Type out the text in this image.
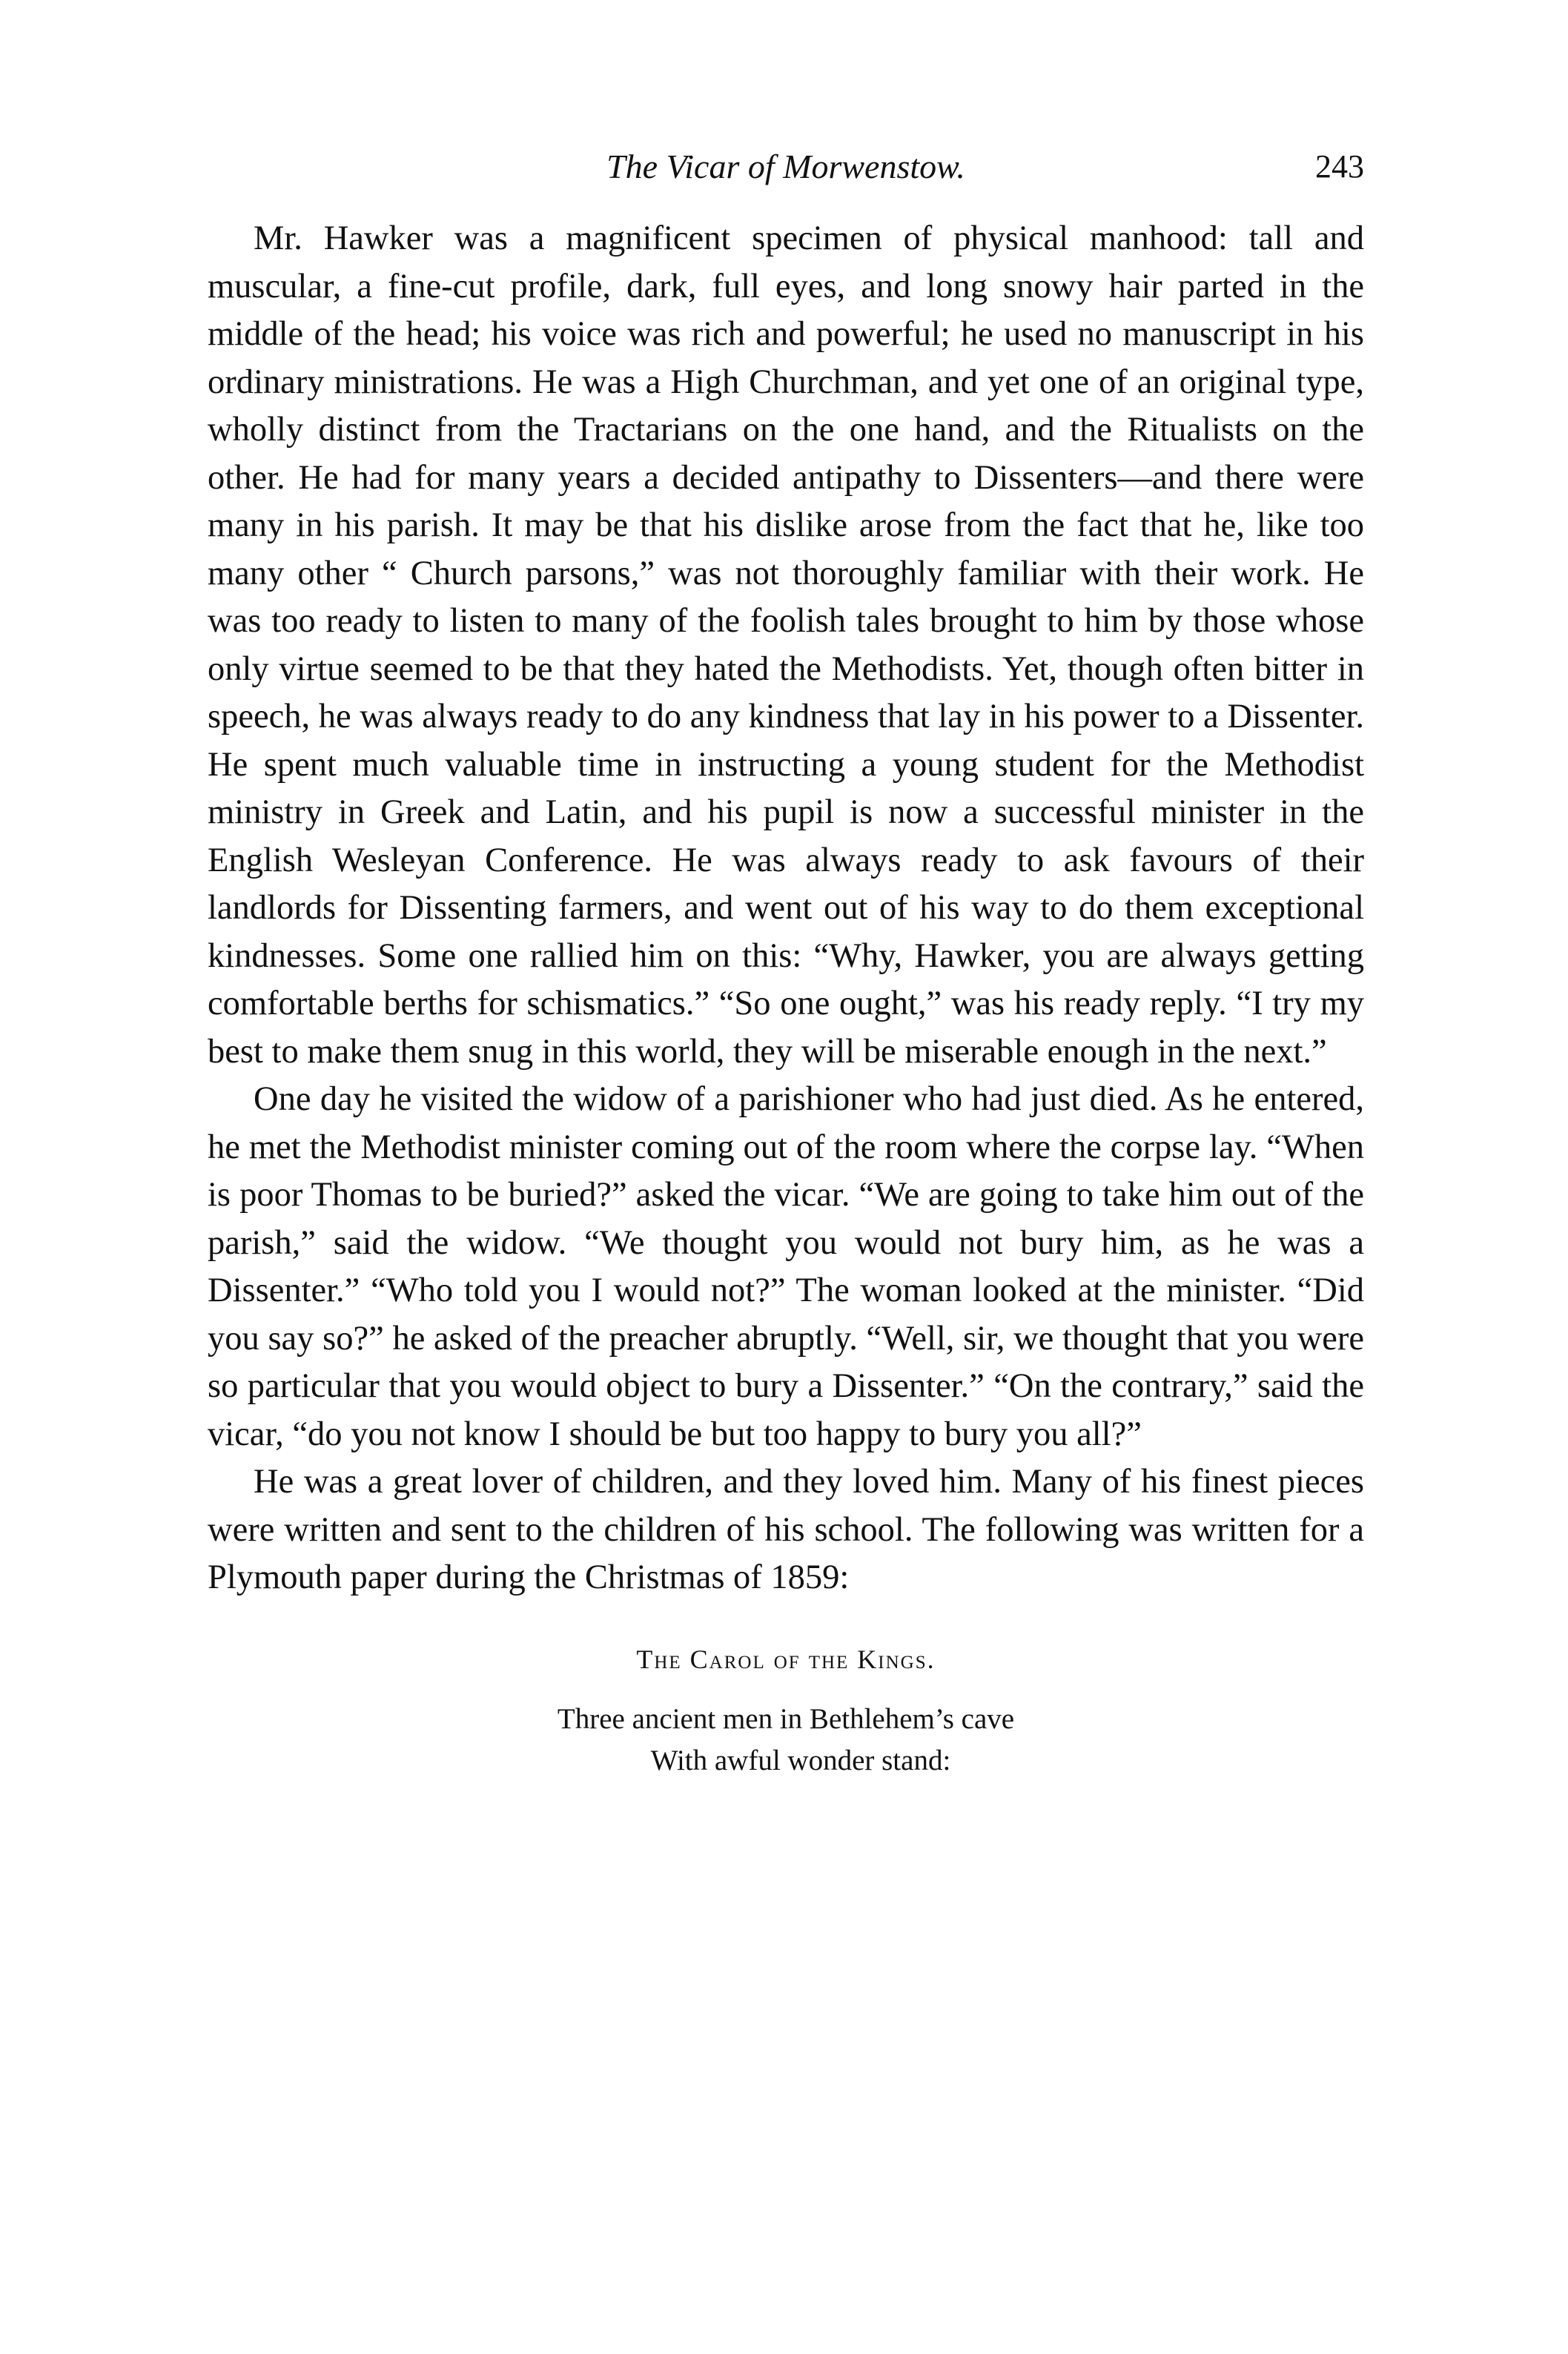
The Vicar of Morwenstow.	243

Mr. Hawker was a magnificent specimen of physical manhood: tall and muscular, a fine-cut profile, dark, full eyes, and long snowy hair parted in the middle of the head; his voice was rich and powerful; he used no manuscript in his ordinary ministrations. He was a High Churchman, and yet one of an original type, wholly distinct from the Tractarians on the one hand, and the Ritualists on the other. He had for many years a decided antipathy to Dissenters—and there were many in his parish. It may be that his dislike arose from the fact that he, like too many other “ Church parsons,” was not thoroughly familiar with their work. He was too ready to listen to many of the foolish tales brought to him by those whose only virtue seemed to be that they hated the Methodists. Yet, though often bitter in speech, he was always ready to do any kindness that lay in his power to a Dissenter. He spent much valuable time in instructing a young student for the Methodist ministry in Greek and Latin, and his pupil is now a successful minister in the English Wesleyan Conference. He was always ready to ask favours of their landlords for Dissenting farmers, and went out of his way to do them exceptional kindnesses. Some one rallied him on this: “Why, Hawker, you are always getting comfortable berths for schismatics.” “So one ought,” was his ready reply. “I try my best to make them snug in this world, they will be miserable enough in the next.”

One day he visited the widow of a parishioner who had just died. As he entered, he met the Methodist minister coming out of the room where the corpse lay. “When is poor Thomas to be buried?” asked the vicar. “We are going to take him out of the parish,” said the widow. “We thought you would not bury him, as he was a Dissenter.” “Who told you I would not?” The woman looked at the minister. “Did you say so?” he asked of the preacher abruptly. “Well, sir, we thought that you were so particular that you would object to bury a Dissenter.” “On the contrary,” said the vicar, “do you not know I should be but too happy to bury you all?”

He was a great lover of children, and they loved him. Many of his finest pieces were written and sent to the children of his school. The following was written for a Plymouth paper during the Christmas of 1859:

The Carol of the Kings.
Three ancient men in Bethlehem’s cave
With awful wonder stand:
